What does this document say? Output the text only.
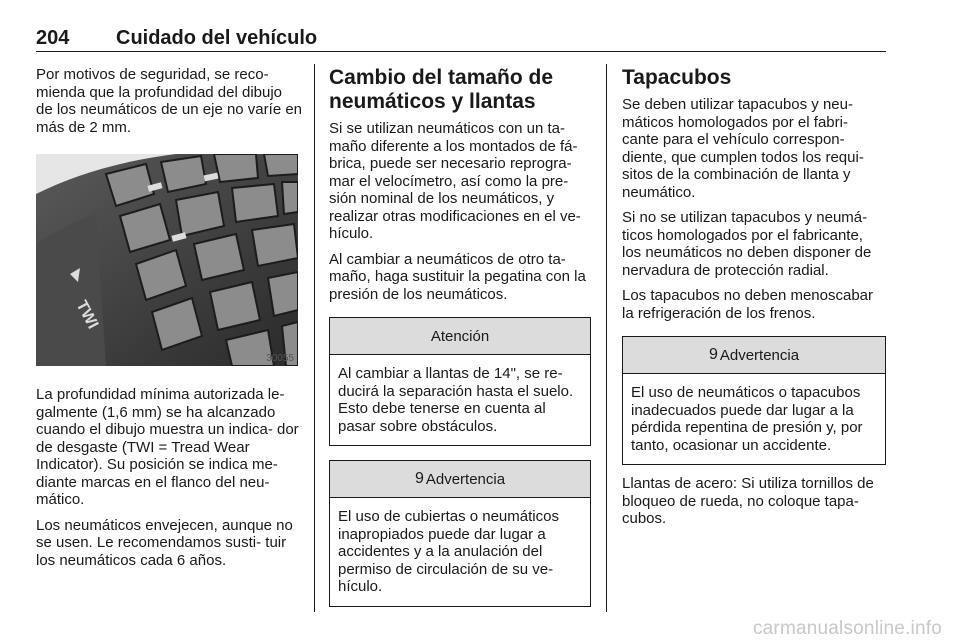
204 Cuidado del vehículo

Por motivos de seguridad, se reco- mienda que la profundidad del dibujo de los neumáticos de un eje no varíe en más de 2 mm.

TWI
30055

La profundidad mínima autorizada le- galmente (1,6 mm) se ha alcanzado cuando el dibujo muestra un indica- dor de desgaste (TWI = Tread Wear Indicator). Su posición se indica me- diante marcas en el flanco del neu- mático.

Los neumáticos envejecen, aunque no se usen. Le recomendamos susti- tuir los neumáticos cada 6 años.

Cambio del tamaño de neumáticos y llantas

Si se utilizan neumáticos con un ta- maño diferente a los montados de fá- brica, puede ser necesario reprogra- mar el velocímetro, así como la pre- sión nominal de los neumáticos, y realizar otras modificaciones en el ve- hículo.

Al cambiar a neumáticos de otro ta- maño, haga sustituir la pegatina con la presión de los neumáticos.

Atención

Al cambiar a llantas de 14", se re- ducirá la separación hasta el suelo. Esto debe tenerse en cuenta al pasar sobre obstáculos.

9 Advertencia

El uso de cubiertas o neumáticos inapropiados puede dar lugar a accidentes y a la anulación del permiso de circulación de su ve- hículo.

Tapacubos

Se deben utilizar tapacubos y neu- máticos homologados por el fabri- cante para el vehículo correspon- diente, que cumplen todos los requi- sitos de la combinación de llanta y neumático.

Si no se utilizan tapacubos y neumá- ticos homologados por el fabricante, los neumáticos no deben disponer de nervadura de protección radial.

Los tapacubos no deben menoscabar la refrigeración de los frenos.

9 Advertencia

El uso de neumáticos o tapacubos inadecuados puede dar lugar a la pérdida repentina de presión y, por tanto, ocasionar un accidente.

Llantas de acero: Si utiliza tornillos de bloqueo de rueda, no coloque tapa- cubos.

carmanualsonline.info
